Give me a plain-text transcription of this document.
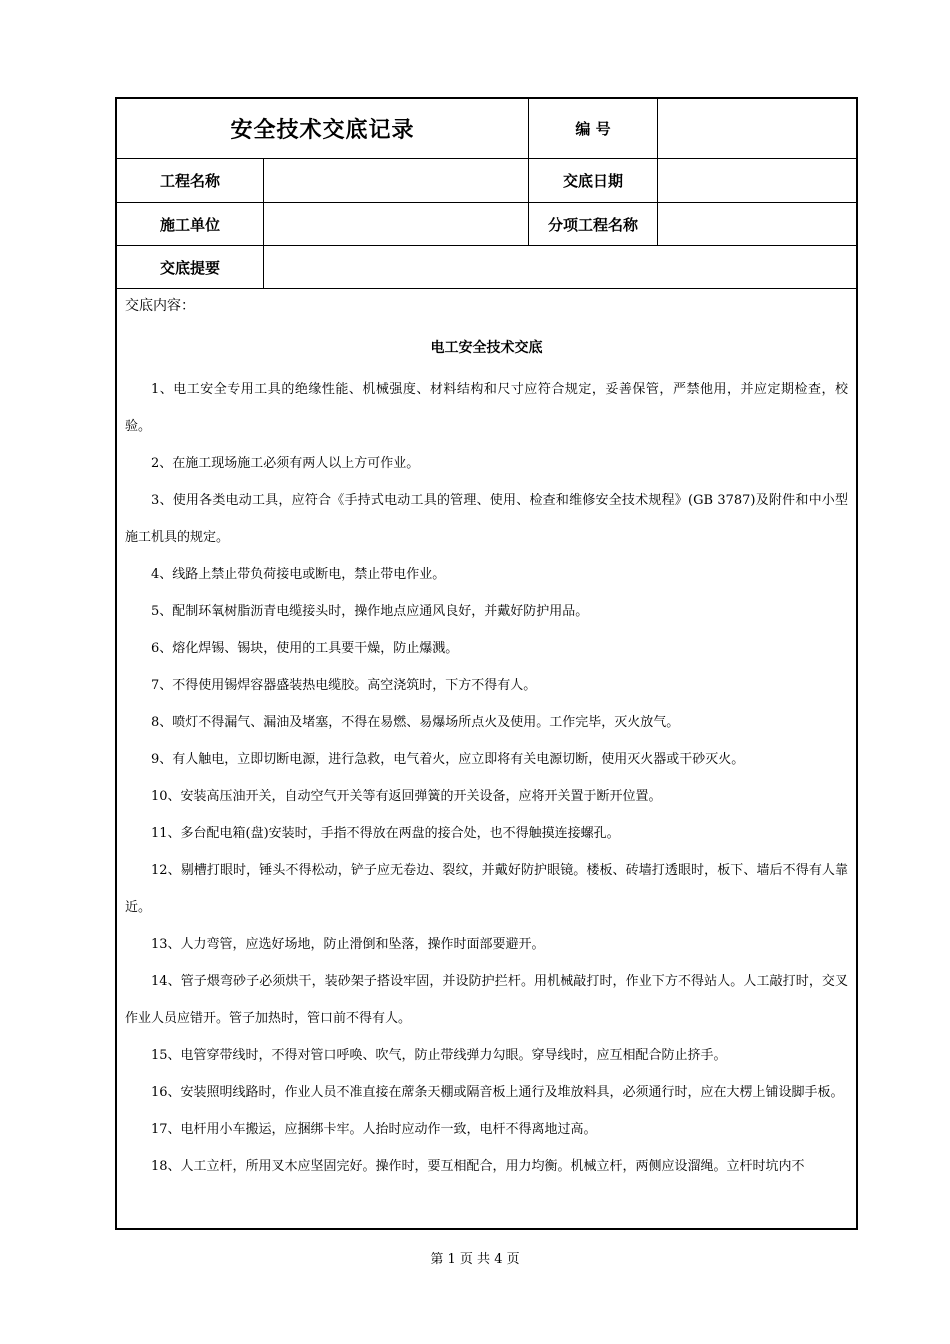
安全技术交底记录	编 号
工程名称	交底日期
施工单位	分项工程名称
交底提要
交底内容：
电工安全技术交底

1、电工安全专用工具的绝缘性能、机械强度、材料结构和尺寸应符合规定，妥善保管，严禁他用，并应定期检查，校验。

2、在施工现场施工必须有两人以上方可作业。

3、使用各类电动工具，应符合《手持式电动工具的管理、使用、检查和维修安全技术规程》(GB 3787)及附件和中小型施工机具的规定。

4、线路上禁止带负荷接电或断电，禁止带电作业。

5、配制环氧树脂沥青电缆接头时，操作地点应通风良好，并戴好防护用品。

6、熔化焊锡、锡块，使用的工具要干燥，防止爆溅。

7、不得使用锡焊容器盛装热电缆胶。高空浇筑时，下方不得有人。

8、喷灯不得漏气、漏油及堵塞，不得在易燃、易爆场所点火及使用。工作完毕，灭火放气。

9、有人触电，立即切断电源，进行急救，电气着火，应立即将有关电源切断，使用灭火器或干砂灭火。

10、安装高压油开关，自动空气开关等有返回弹簧的开关设备，应将开关置于断开位置。

11、多台配电箱(盘)安装时，手指不得放在两盘的接合处，也不得触摸连接螺孔。

12、剔槽打眼时，锤头不得松动，铲子应无卷边、裂纹，并戴好防护眼镜。楼板、砖墙打透眼时，板下、墙后不得有人靠近。

13、人力弯管，应选好场地，防止滑倒和坠落，操作时面部要避开。

14、管子煨弯砂子必须烘干，装砂架子搭设牢固，并设防护拦杆。用机械敲打时，作业下方不得站人。人工敲打时，交叉作业人员应错开。管子加热时，管口前不得有人。

15、电管穿带线时，不得对管口呼唤、吹气，防止带线弹力勾眼。穿导线时，应互相配合防止挤手。

16、安装照明线路时，作业人员不准直接在蓆条天棚或隔音板上通行及堆放料具，必须通行时，应在大楞上铺设脚手板。

17、电杆用小车搬运，应捆绑卡牢。人抬时应动作一致，电杆不得离地过高。

18、人工立杆，所用叉木应坚固完好。操作时，要互相配合，用力均衡。机械立杆，两侧应设溜绳。立杆时坑内不

第 1 页 共 4 页
